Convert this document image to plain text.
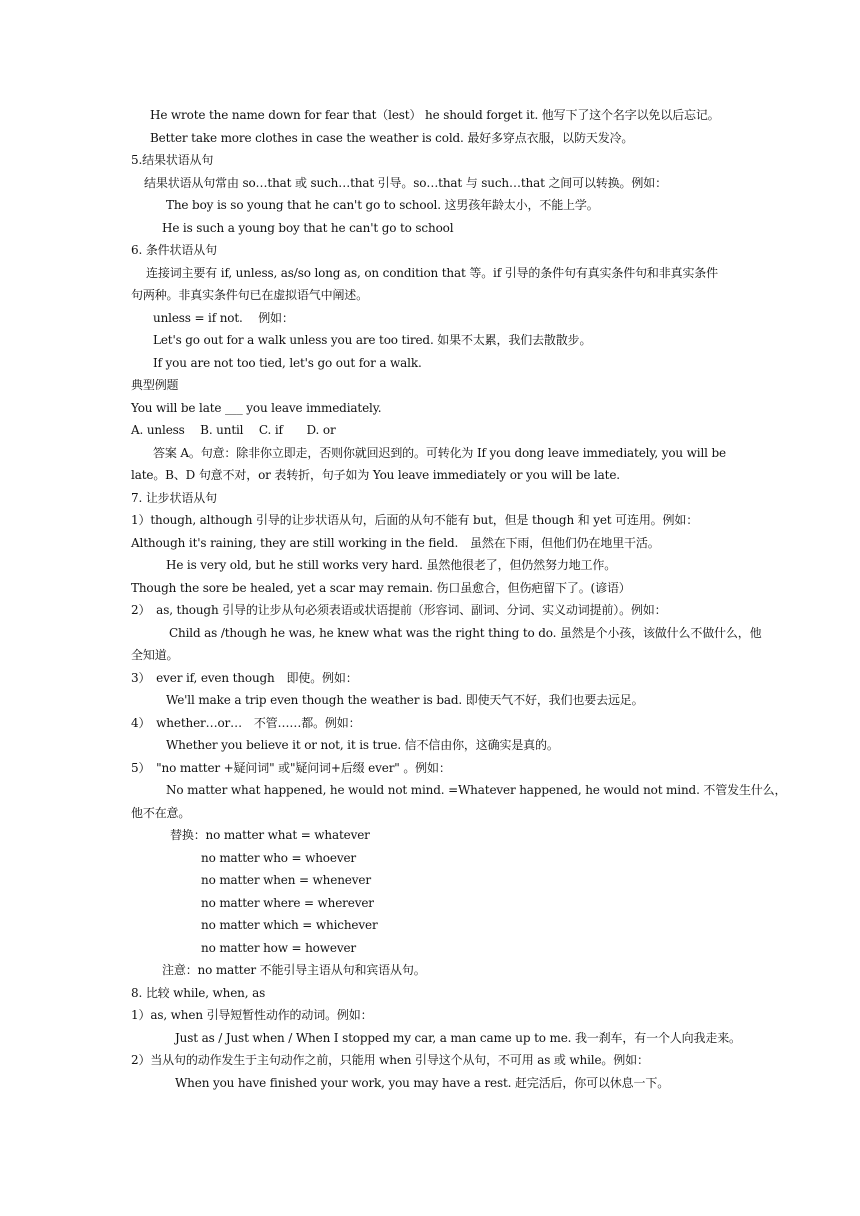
He wrote the name down for fear that（lest） he should forget it. 他写下了这个名字以免以后忘记。
Better take more clothes in case the weather is cold. 最好多穿点衣服，以防天发冷。
5.结果状语从句
结果状语从句常由 so…that 或 such…that 引导。so…that 与 such…that 之间可以转换。例如：
The boy is so young that he can't go to school. 这男孩年龄太小，不能上学。
He is such a young boy that he can't go to school
6. 条件状语从句
连接词主要有 if, unless, as/so long as, on condition that 等。if 引导的条件句有真实条件句和非真实条件
句两种。非真实条件句已在虚拟语气中阐述。
unless = if not.　 例如：
Let's go out for a walk unless you are too tired. 如果不太累，我们去散散步。
If you are not too tied, let's go out for a walk.
典型例题
You will be late ___ you leave immediately.
A. unless　 B. until　 C. if　　D. or
答案 A。句意：除非你立即走，否则你就回迟到的。可转化为 If you dong leave immediately, you will be
late。B、D 句意不对，or 表转折，句子如为 You leave immediately or you will be late.
7. 让步状语从句
1）though, although 引导的让步状语从句，后面的从句不能有 but，但是 though 和 yet 可连用。例如：
Although it's raining, they are still working in the field.　虽然在下雨，但他们仍在地里干活。
He is very old, but he still works very hard. 虽然他很老了，但仍然努力地工作。
Though the sore be healed, yet a scar may remain. 伤口虽愈合，但伤疤留下了。(谚语）
2）　as, though 引导的让步从句必须表语或状语提前（形容词、副词、分词、实义动词提前）。例如：
Child as /though he was, he knew what was the right thing to do. 虽然是个小孩，该做什么不做什么，他
全知道。
3）　ever if, even though　即使。例如：
We'll make a trip even though the weather is bad. 即使天气不好，我们也要去远足。
4）　whether…or…　不管……都。例如：
Whether you believe it or not, it is true. 信不信由你，这确实是真的。
5）　"no matter +疑问词" 或"疑问词+后缀 ever" 。例如：
No matter what happened, he would not mind. =Whatever happened, he would not mind. 不管发生什么，
他不在意。
替换：no matter what = whatever
no matter who = whoever
no matter when = whenever
no matter where = wherever
no matter which = whichever
no matter how = however
注意：no matter 不能引导主语从句和宾语从句。
8. 比较 while, when, as
1）as, when 引导短暂性动作的动词。例如：
Just as / Just when / When I stopped my car, a man came up to me. 我一刹车，有一个人向我走来。
2）当从句的动作发生于主句动作之前，只能用 when 引导这个从句，不可用 as 或 while。例如：
When you have finished your work, you may have a rest. 赶完活后，你可以休息一下。
